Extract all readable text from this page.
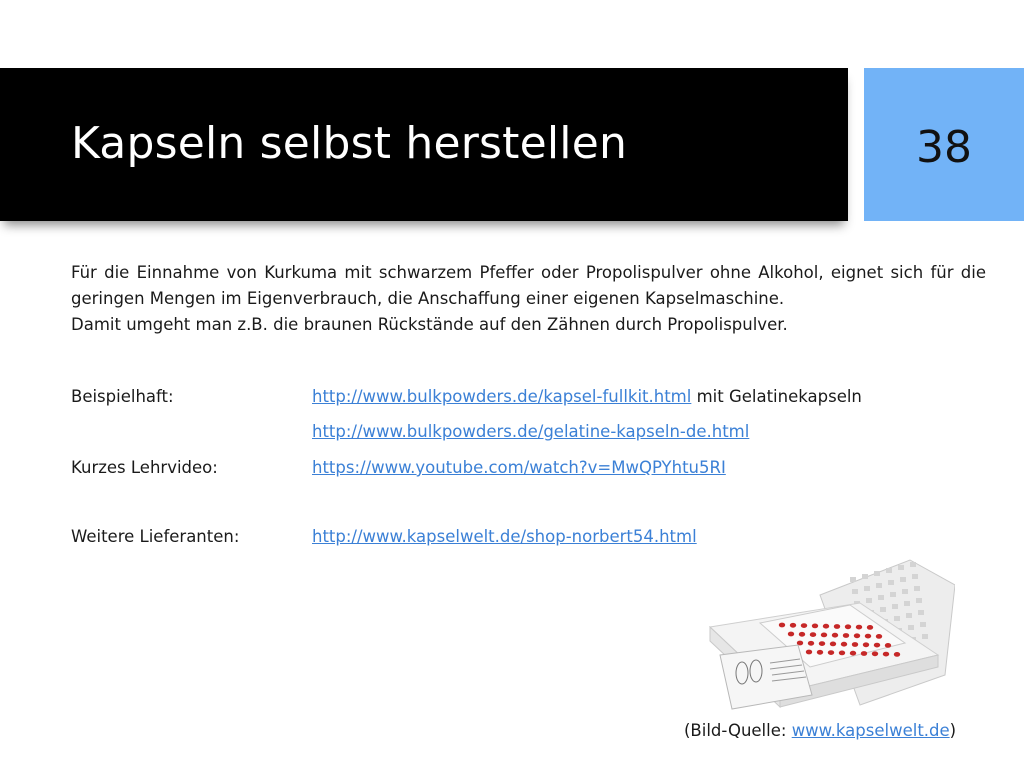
Kapseln selbst herstellen	38

Für die Einnahme von Kurkuma mit schwarzem Pfeffer oder Propolispulver ohne Alkohol, eignet sich für die geringen Mengen im Eigenverbrauch, die Anschaffung einer eigenen Kapselmaschine.

Damit umgeht man z.B. die braunen Rückstände auf den Zähnen durch Propolispulver.

Beispielhaft:	http://www.bulkpowders.de/kapsel-fullkit.html mit Gelatinekapseln
http://www.bulkpowders.de/gelatine-kapseln-de.html
Kurzes Lehrvideo:	https://www.youtube.com/watch?v=MwQPYhtu5RI
Weitere Lieferanten:	http://www.kapselwelt.de/shop-norbert54.html
(Bild-Quelle: www.kapselwelt.de)
